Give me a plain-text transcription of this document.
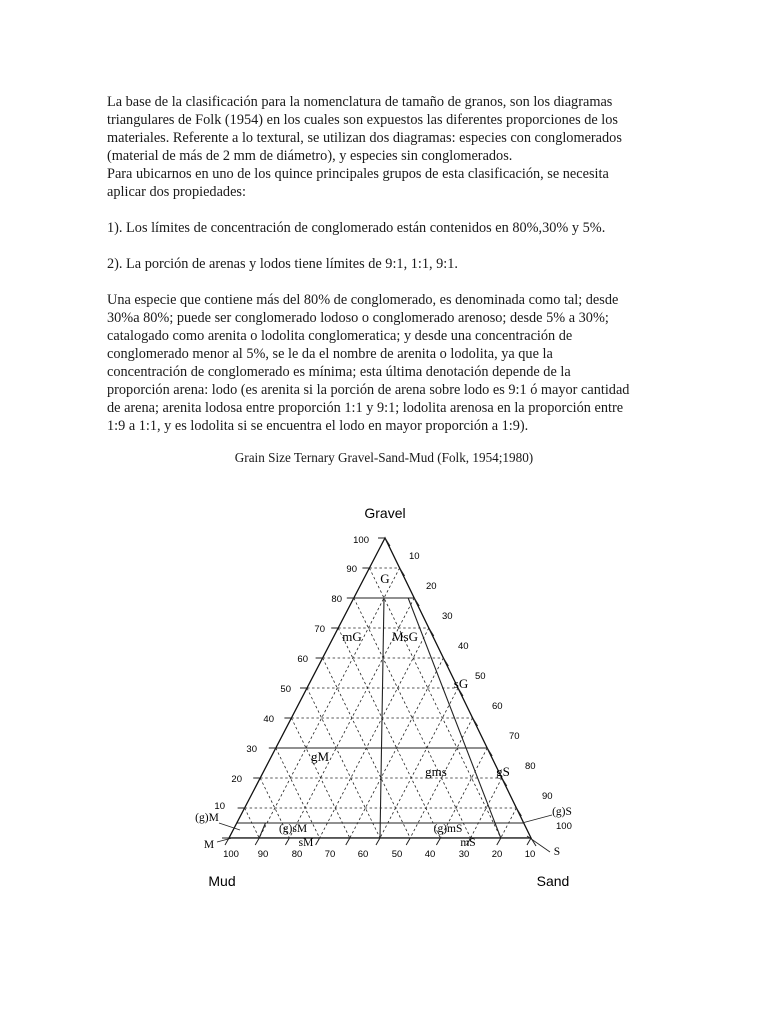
La base de la clasificación para la nomenclatura de tamaño de granos, son los diagramas
triangulares de Folk (1954) en los cuales son expuestos las diferentes proporciones de los
materiales. Referente a lo textural, se utilizan dos diagramas: especies con conglomerados
(material de más de 2 mm de diámetro), y especies sin conglomerados.
Para ubicarnos en uno de los quince principales grupos de esta clasificación, se necesita
aplicar dos propiedades:

1). Los límites de concentración de conglomerado están contenidos en 80%,30% y 5%.

2). La porción de arenas y lodos tiene límites de 9:1, 1:1, 9:1.

Una especie que contiene más del 80% de conglomerado, es denominada como tal; desde
30%a 80%; puede ser conglomerado lodoso o conglomerado arenoso; desde 5% a 30%;
catalogado como arenita o lodolita conglomeratica; y desde una concentración de
conglomerado menor al 5%, se le da el nombre de arenita o lodolita, ya que la
concentración de conglomerado es mínima; esta última denotación depende de la
proporción arena: lodo (es arenita si la porción de arena sobre lodo es 9:1 ó mayor cantidad
de arena; arenita lodosa entre proporción 1:1 y 9:1; lodolita arenosa en la proporción entre
1:9 a 1:1, y es lodolita si se encuentra el lodo en mayor proporción a 1:9).

Grain Size Ternary Gravel-Sand-Mud (Folk, 1954;1980)
Gravel
Mud	Sand
100 90 80 70 60 50 40 30 20 10
100
90
80
70
60
50
40
30
20
10
10
20
30
40
50
60
70
80
90
100
G
mG MsG
sG
gM
gms	gS
(g)M
(g)sM	(g)mS
(g)S
M	sM	mS
S
